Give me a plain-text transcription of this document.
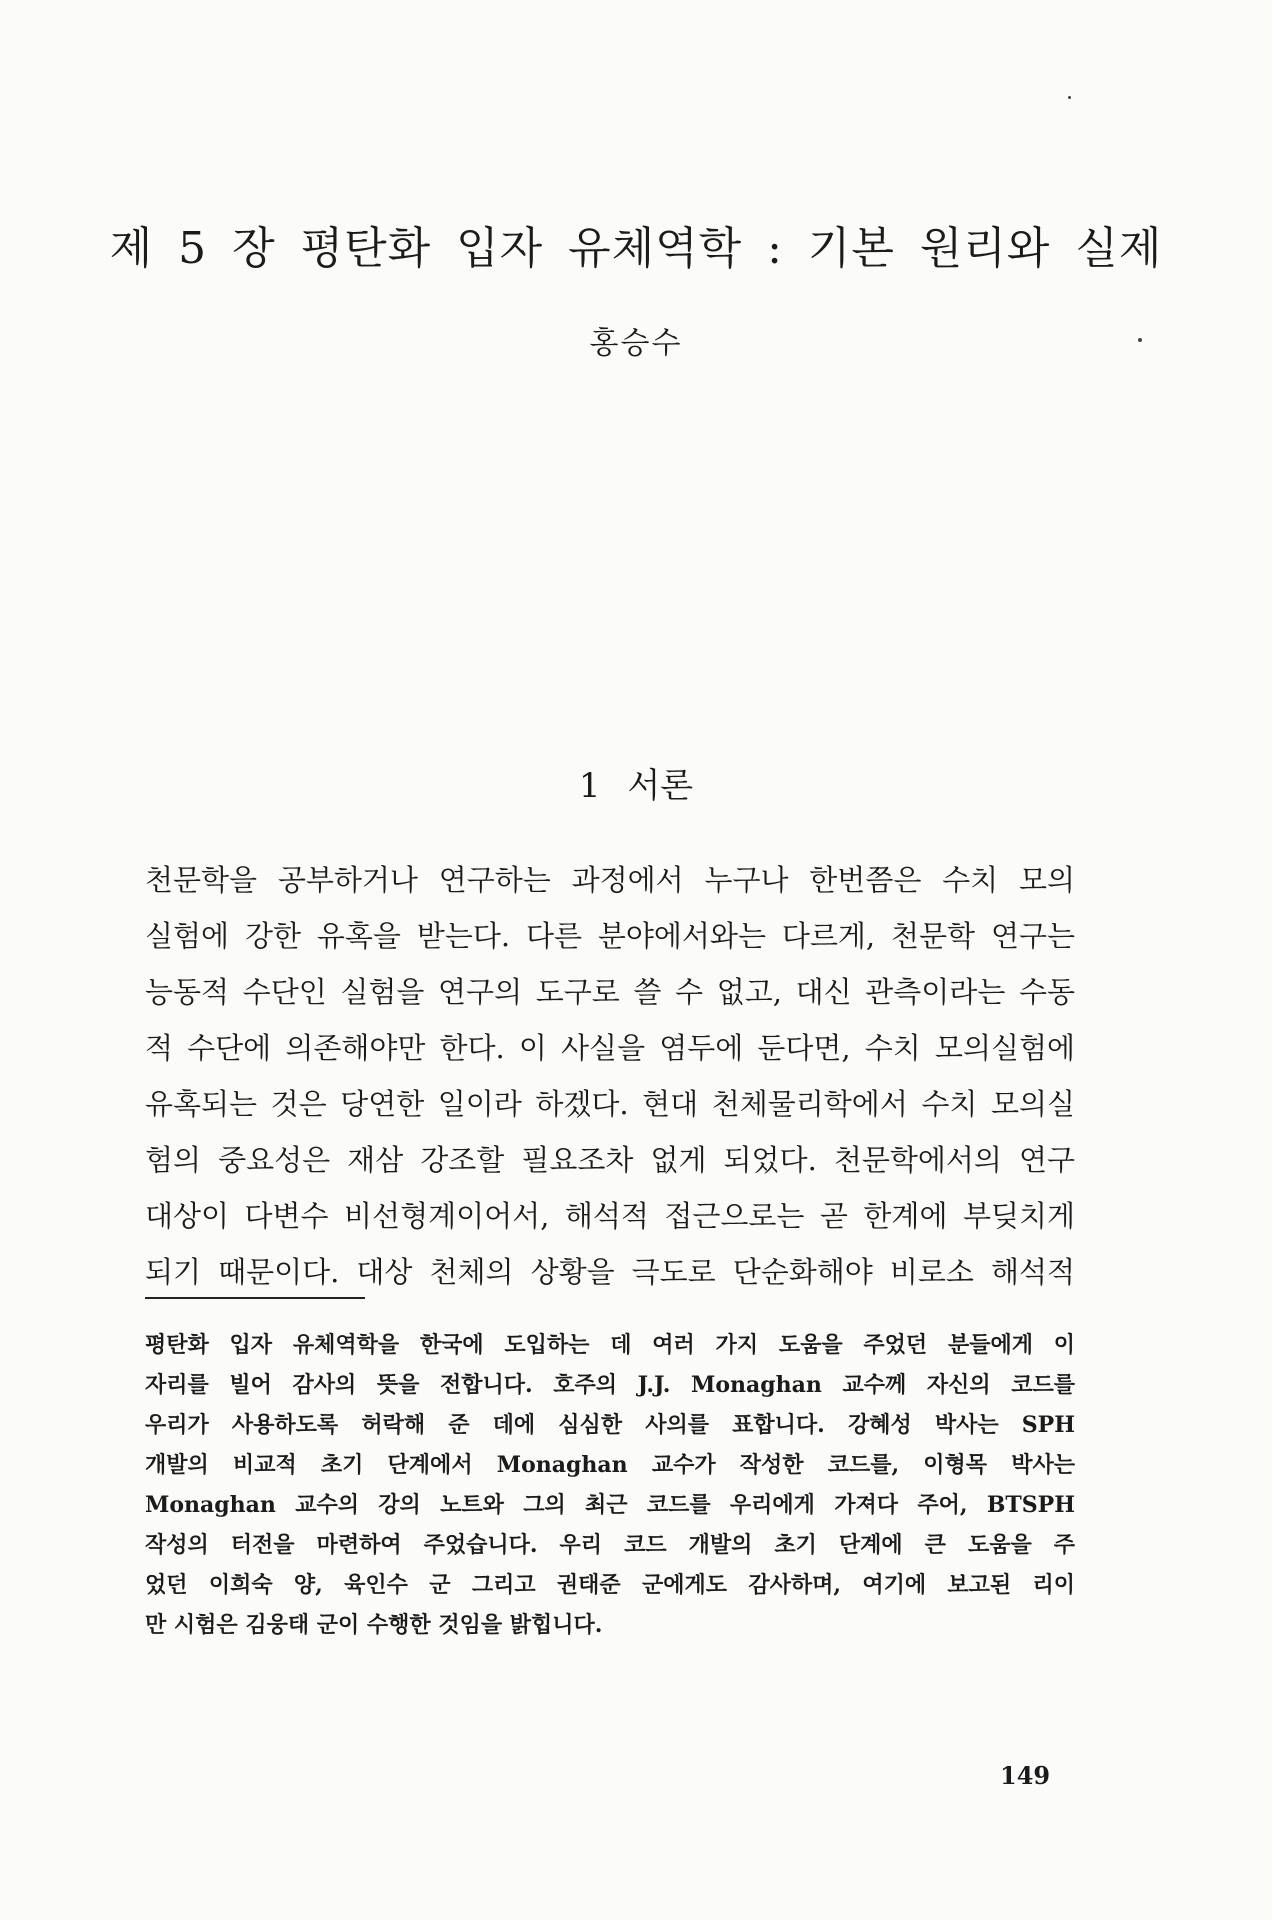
제 5 장 평탄화 입자 유체역학 : 기본 원리와 실제
홍승수
1 서론
천문학을 공부하거나 연구하는 과정에서 누구나 한번쯤은 수치 모의
실험에 강한 유혹을 받는다. 다른 분야에서와는 다르게, 천문학 연구는
능동적 수단인 실험을 연구의 도구로 쓸 수 없고, 대신 관측이라는 수동
적 수단에 의존해야만 한다. 이 사실을 염두에 둔다면, 수치 모의실험에
유혹되는 것은 당연한 일이라 하겠다. 현대 천체물리학에서 수치 모의실
험의 중요성은 재삼 강조할 필요조차 없게 되었다. 천문학에서의 연구
대상이 다변수 비선형계이어서, 해석적 접근으로는 곧 한계에 부딪치게
되기 때문이다. 대상 천체의 상황을 극도로 단순화해야 비로소 해석적
평탄화 입자 유체역학을 한국에 도입하는 데 여러 가지 도움을 주었던 분들에게 이
자리를 빌어 감사의 뜻을 전합니다. 호주의 J.J. Monaghan 교수께 자신의 코드를
우리가 사용하도록 허락해 준 데에 심심한 사의를 표합니다. 강혜성 박사는 SPH
개발의 비교적 초기 단계에서 Monaghan 교수가 작성한 코드를, 이형목 박사는
Monaghan 교수의 강의 노트와 그의 최근 코드를 우리에게 가져다 주어, BTSPH
작성의 터전을 마련하여 주었습니다. 우리 코드 개발의 초기 단계에 큰 도움을 주
었던 이희숙 양, 육인수 군 그리고 권태준 군에게도 감사하며, 여기에 보고된 리이
만 시험은 김웅태 군이 수행한 것임을 밝힙니다.
149
